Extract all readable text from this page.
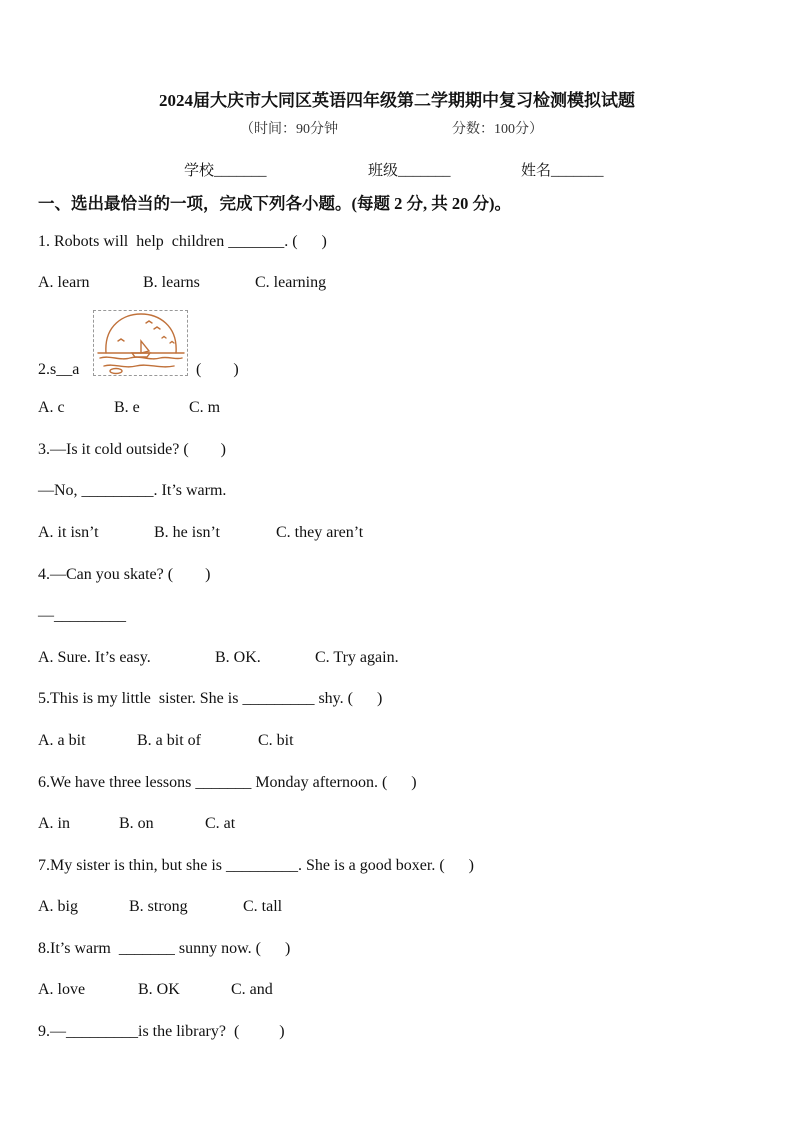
2024届大庆市大同区英语四年级第二学期期中复习检测模拟试题
（时间：90分钟	分数：100分）
学校_______	班级_______	姓名_______
一、选出最恰当的一项，完成下列各小题。(每题 2 分, 共 20 分)。
1. Robots will  help  children _______. (      )
A. learn	B. learns	C. learning
2.s__a	(        )
A. c	B. e	C. m
3.—Is it cold outside? (        )
—No, _________. It’s warm.
A. it isn’t	B. he isn’t	C. they aren’t
4.—Can you skate? (        )
—_________
A. Sure. It’s easy.	B. OK.	C. Try again.
5.This is my little  sister. She is _________ shy. (      )
A. a bit	B. a bit of	C. bit
6.We have three lessons _______ Monday afternoon. (      )
A. in	B. on	C. at
7.My sister is thin, but she is _________. She is a good boxer. (      )
A. big	B. strong	C. tall
8.It’s warm  _______ sunny now. (      )
A. love	B. OK	C. and
9.—_________is the library?  (          )
